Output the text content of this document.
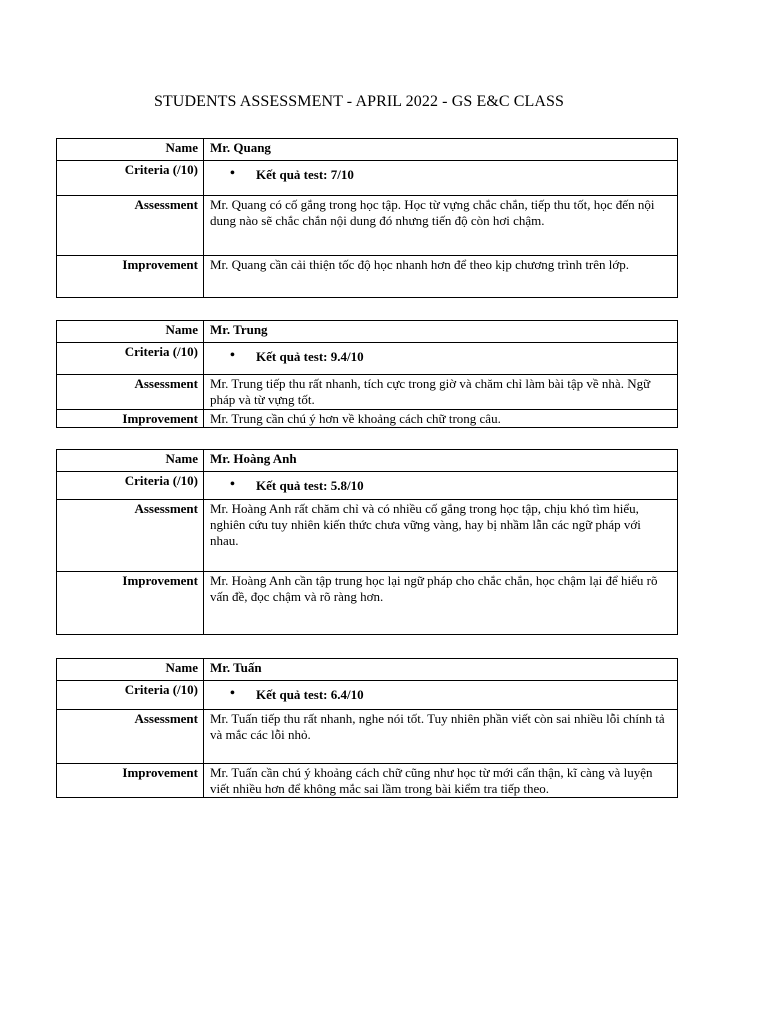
STUDENTS ASSESSMENT - APRIL 2022 - GS E&C CLASS
Name	Mr. Quang
Criteria (/10)	• Kết quả test: 7/10

Assessment	Mr. Quang có cố gắng trong học tập. Học từ vựng chắc chắn, tiếp thu tốt, học đến nội dung nào sẽ chắc chắn nội dung đó nhưng tiến độ còn hơi chậm.
Improvement	Mr. Quang cần cải thiện tốc độ học nhanh hơn để theo kịp chương trình trên lớp.
Name	Mr. Trung
Criteria (/10)	• Kết quả test: 9.4/10

Assessment	Mr. Trung tiếp thu rất nhanh, tích cực trong giờ và chăm chỉ làm bài tập về nhà. Ngữ pháp và từ vựng tốt.
Improvement	Mr. Trung cần chú ý hơn về khoảng cách chữ trong câu.
Name	Mr. Hoàng Anh
Criteria (/10)	• Kết quả test: 5.8/10

Assessment	Mr. Hoàng Anh rất chăm chỉ và có nhiều cố gắng trong học tập, chịu khó tìm hiểu, nghiên cứu tuy nhiên kiến thức chưa vững vàng, hay bị nhầm lẫn các ngữ pháp với nhau.
Improvement	Mr. Hoàng Anh cần tập trung học lại ngữ pháp cho chắc chắn, học chậm lại để hiểu rõ vấn đề, đọc chậm và rõ ràng hơn.
Name	Mr. Tuấn
Criteria (/10)	• Kết quả test: 6.4/10

Assessment	Mr. Tuấn tiếp thu rất nhanh, nghe nói tốt. Tuy nhiên phần viết còn sai nhiều lỗi chính tả và mắc các lỗi nhỏ.
Improvement	Mr. Tuấn cần chú ý khoảng cách chữ cũng như học từ mới cẩn thận, kĩ càng và luyện viết nhiều hơn để không mắc sai lầm trong bài kiểm tra tiếp theo.
